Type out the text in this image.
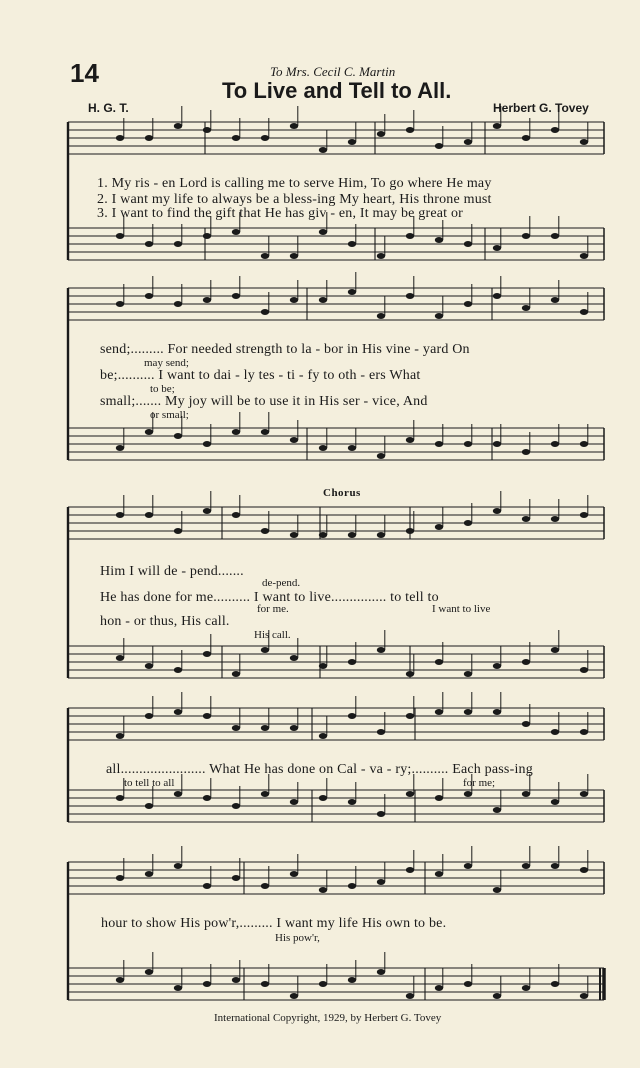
14	To Mrs. Cecil C. Martin
To Live and Tell to All.
H. G. T.	Herbert G. Tovey
1. My ris - en Lord is calling me to serve Him, To go where He may
2. I want my life to always be a bless-ing My heart, His throne must
3. I want to find the gift that He has giv - en, It may be great or
send;......... For needed strength to la - bor in His vine - yard On
may send;
be;.......... I want to dai - ly tes - ti - fy to oth - ers What
to be;
small;....... My joy will be to use it in His ser - vice, And
or small;
Chorus
Him I will de - pend.......
de-pend.
He has done for me.......... I want to live............... to tell to
for me.	I want to live
hon - or thus, His call.
His call.
all....................... What He has done on Cal - va - ry;.......... Each pass-ing
to tell to all	for me;
hour to show His pow'r,......... I want my life His own to be.
His pow'r,
International Copyright, 1929, by Herbert G. Tovey
